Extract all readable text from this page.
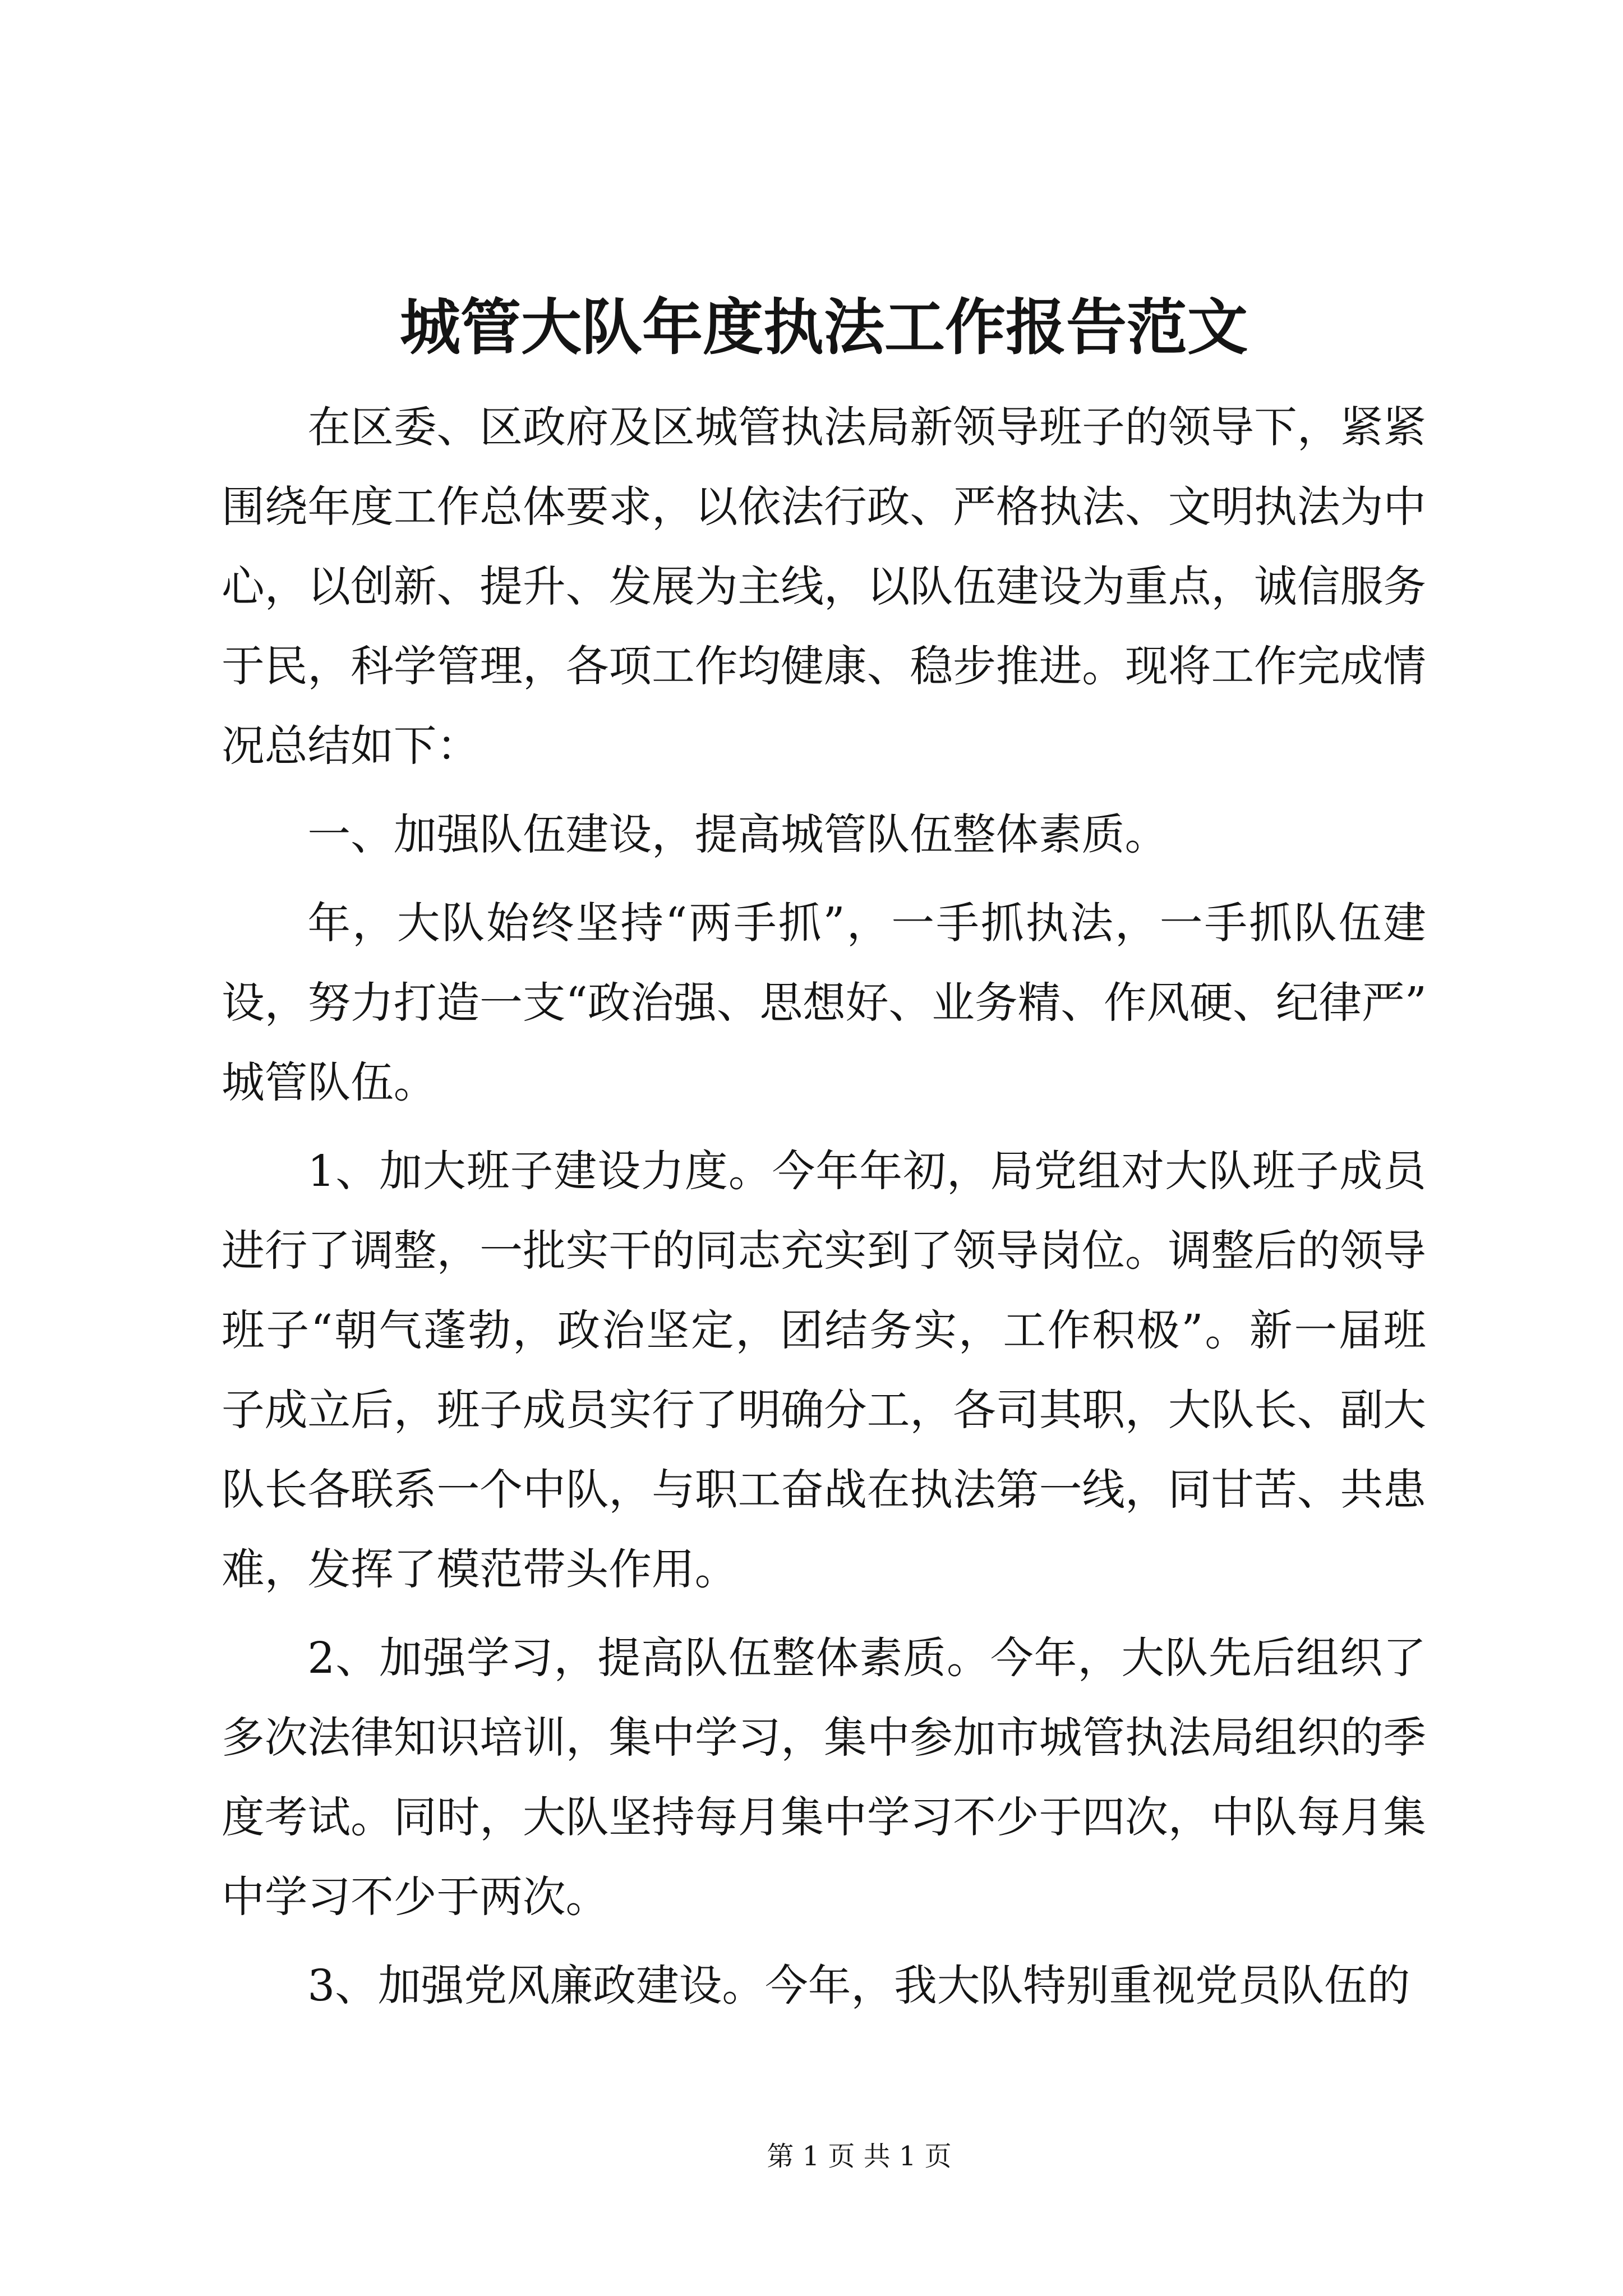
城管大队年度执法工作报告范文
在区委、区政府及区城管执法局新领导班子的领导下，紧紧
围绕年度工作总体要求，以依法行政、严格执法、文明执法为中
心，以创新、提升、发展为主线，以队伍建设为重点，诚信服务
于民，科学管理，各项工作均健康、稳步推进。现将工作完成情
况总结如下：
一、加强队伍建设，提高城管队伍整体素质。
年，大队始终坚持“两手抓”，一手抓执法，一手抓队伍建
设，努力打造一支“政治强、思想好、业务精、作风硬、纪律严”
城管队伍。
1、加大班子建设力度。今年年初，局党组对大队班子成员
进行了调整，一批实干的同志充实到了领导岗位。调整后的领导
班子“朝气蓬勃，政治坚定，团结务实，工作积极”。新一届班
子成立后，班子成员实行了明确分工，各司其职，大队长、副大
队长各联系一个中队，与职工奋战在执法第一线，同甘苦、共患
难，发挥了模范带头作用。
2、加强学习，提高队伍整体素质。今年，大队先后组织了
多次法律知识培训，集中学习，集中参加市城管执法局组织的季
度考试。同时，大队坚持每月集中学习不少于四次，中队每月集
中学习不少于两次。
3、加强党风廉政建设。今年，我大队特别重视党员队伍的
第 1 页 共 1 页
